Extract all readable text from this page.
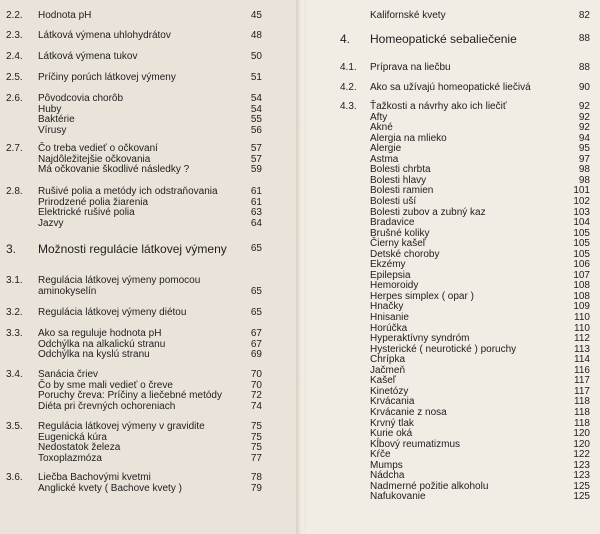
2.2. Hodnota pH	45
2.3. Látková výmena uhlohydrátov	48
2.4. Látková výmena tukov	50
2.5. Príčiny porúch látkovej výmeny	51
2.6. Pôvodcovia chorôb	54
Huby	54
Baktérie	55
Vírusy	56
2.7. Čo treba vedieť o očkovaní	57
Najdôležitejšie očkovania	57
Má očkovanie škodlivé následky ?	59
2.8. Rušivé polia a metódy ich odstraňovania	61
Prirodzené polia žiarenia	61
Elektrické rušivé polia	63
Jazvy	64
3. Možnosti regulácie látkovej výmeny	65
3.1. Regulácia látkovej výmeny pomocou
aminokyselín	65
3.2. Regulácia látkovej výmeny diétou	65
3.3. Ako sa reguluje hodnota pH	67
Odchýlka na alkalickú stranu	67
Odchýlka na kyslú stranu	69
3.4. Sanácia čriev	70
Čo by sme mali vedieť o čreve	70
Poruchy čreva: Príčiny a liečebné metódy	72
Diéta pri črevných ochoreniach	74
3.5. Regulácia látkovej výmeny v gravidite	75
Eugenická kúra	75
Nedostatok železa	75
Toxoplazmóza	77
3.6. Liečba Bachovými kvetmi	78
Anglické kvety ( Bachove kvety )	79
Kalifornské kvety	82
4. Homeopatické sebaliečenie	88
4.1. Príprava na liečbu	88
4.2. Ako sa užívajú homeopatické liečivá	90
4.3. Ťažkosti a návrhy ako ich liečiť	92
Afty	92
Akné	92
Alergia na mlieko	94
Alergie	95
Astma	97
Bolesti chrbta	98
Bolesti hlavy	98
Bolesti ramien	101
Bolesti uší	102
Bolesti zubov a zubný kaz	103
Bradavice	104
Brušné koliky	105
Čierny kašeľ	105
Detské choroby	105
Ekzémy	106
Epilepsia	107
Hemoroidy	108
Herpes simplex ( opar )	108
Hnačky	109
Hnisanie	110
Horúčka	110
Hyperaktívny syndróm	112
Hysterické ( neurotické ) poruchy	113
Chrípka	114
Jačmeň	116
Kašeľ	117
Kinetózy	117
Krvácania	118
Krvácanie z nosa	118
Krvný tlak	118
Kurie oká	120
Kĺbový reumatizmus	120
Kŕče	122
Mumps	123
Nádcha	123
Nadmerné požitie alkoholu	125
Nafukovanie	125
